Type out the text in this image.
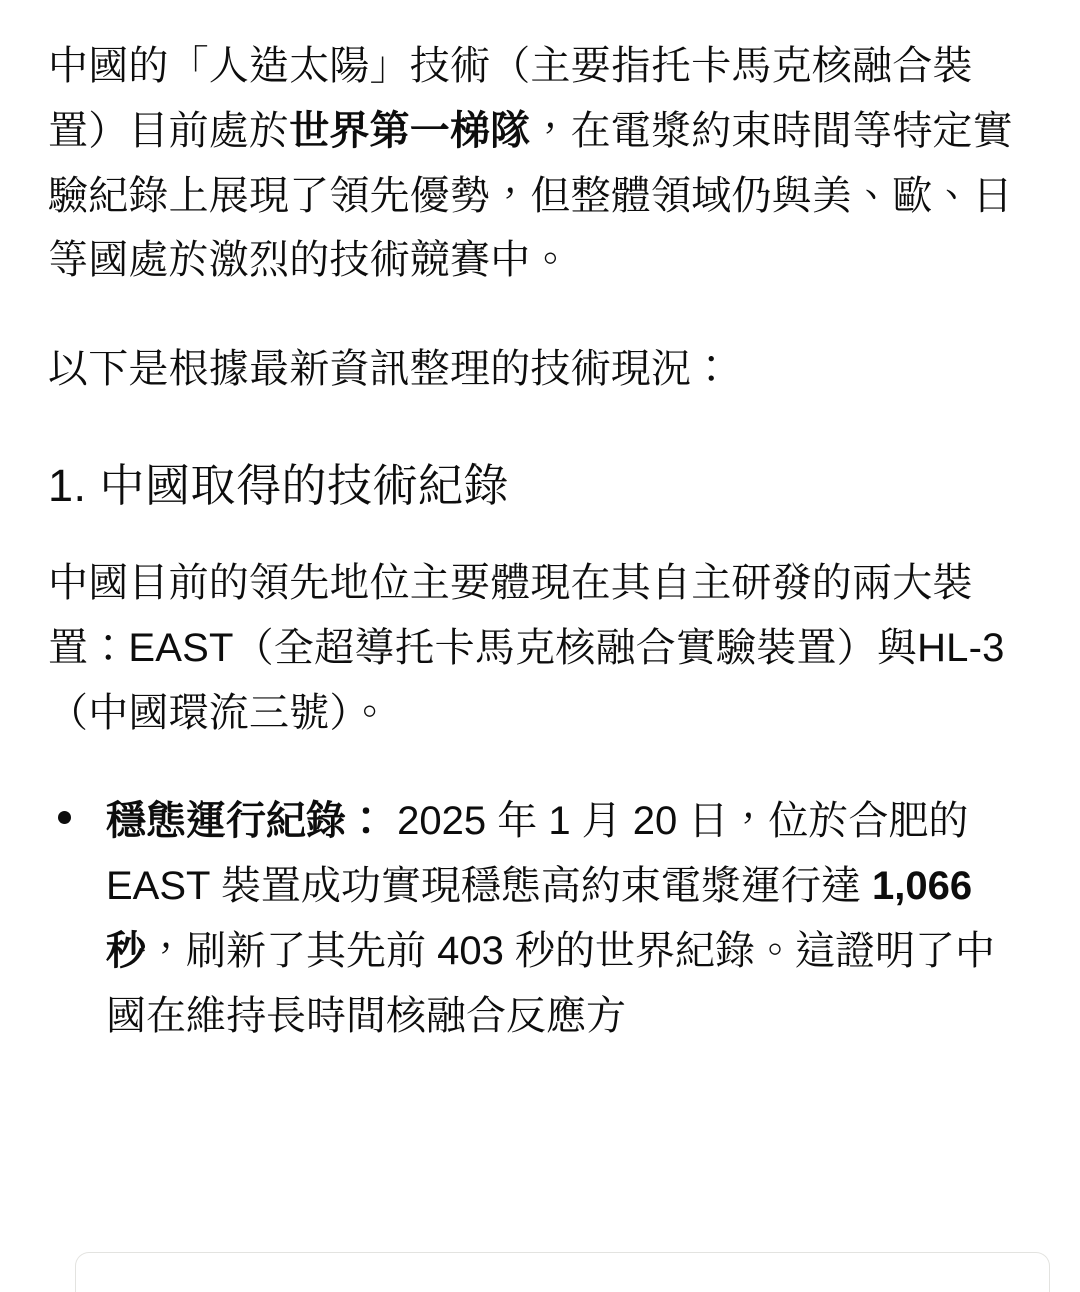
中國的「人造太陽」技術（主要指托卡馬克核融合裝置）目前處於世界第一梯隊，在電漿約束時間等特定實驗紀錄上展現了領先優勢，但整體領域仍與美、歐、日等國處於激烈的技術競賽中。

以下是根據最新資訊整理的技術現況：

1. 中國取得的技術紀錄

中國目前的領先地位主要體現在其自主研發的兩大裝置：EAST（全超導托卡馬克核融合實驗裝置）與HL-3（中國環流三號）。

穩態運行紀錄： 2025 年 1 月 20 日，位於合肥的 EAST 裝置成功實現穩態高約束電漿運行達 1,066 秒，刷新了其先前 403 秒的世界紀錄。這證明了中國在維持長時間核融合反應方
